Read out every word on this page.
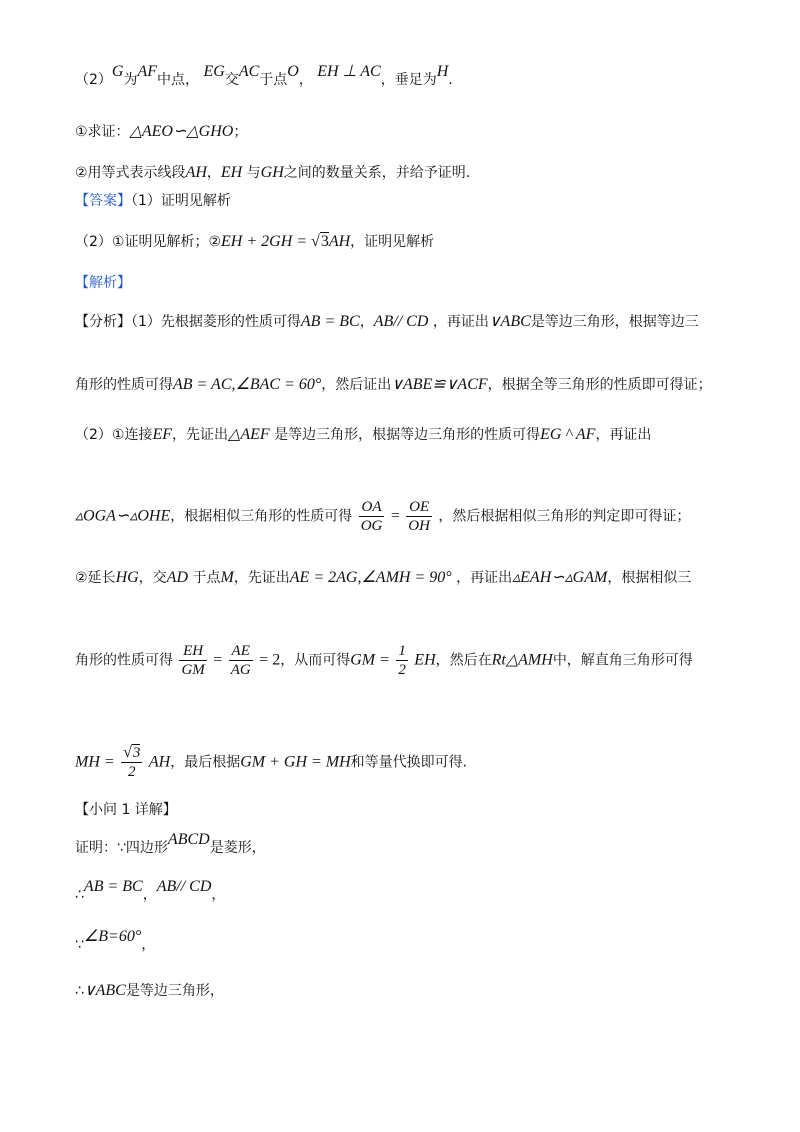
（2）G为AF中点， EG交AC于点O， EH ⊥ AC，垂足为H.
①求证：△AEO∽△GHO；
②用等式表示线段AH，EH 与GH之间的数量关系，并给予证明.
【答案】（1）证明见解析
（2）①证明见解析；②EH + 2GH = √3AH，证明见解析
【解析】
【分析】（1）先根据菱形的性质可得AB = BC，AB// CD ，再证出∨ABC是等边三角形，根据等边三
角形的性质可得AB = AC,∠BAC = 60°，然后证出∨ABE≌∨ACF，根据全等三角形的性质即可得证；
（2）①连接EF，先证出△AEF 是等边三角形，根据等边三角形的性质可得EG ^ AF，再证出
▵OGA∽▵OHE，根据相似三角形的性质可得 $\frac{OA}{OG} = \frac{OE}{OH}$ ，然后根据相似三角形的判定即可得证；
②延长HG，交AD 于点M，先证出AE = 2AG,∠AMH = 90° ，再证出▵EAH∽▵GAM，根据相似三
角形的性质可得 $\frac{EH}{GM} = \frac{AE}{AG} = 2$，从而可得GM = $\frac{1}{2}$ EH，然后在Rt△AMH中，解直角三角形可得
MH = $\frac{√3}{2}$ AH，最后根据GM + GH = MH和等量代换即可得.
【小问 1 详解】
证明：∵四边形ABCD是菱形，
∴AB = BC，AB// CD，
∵∠B=60°，
∴∨ABC是等边三角形，
